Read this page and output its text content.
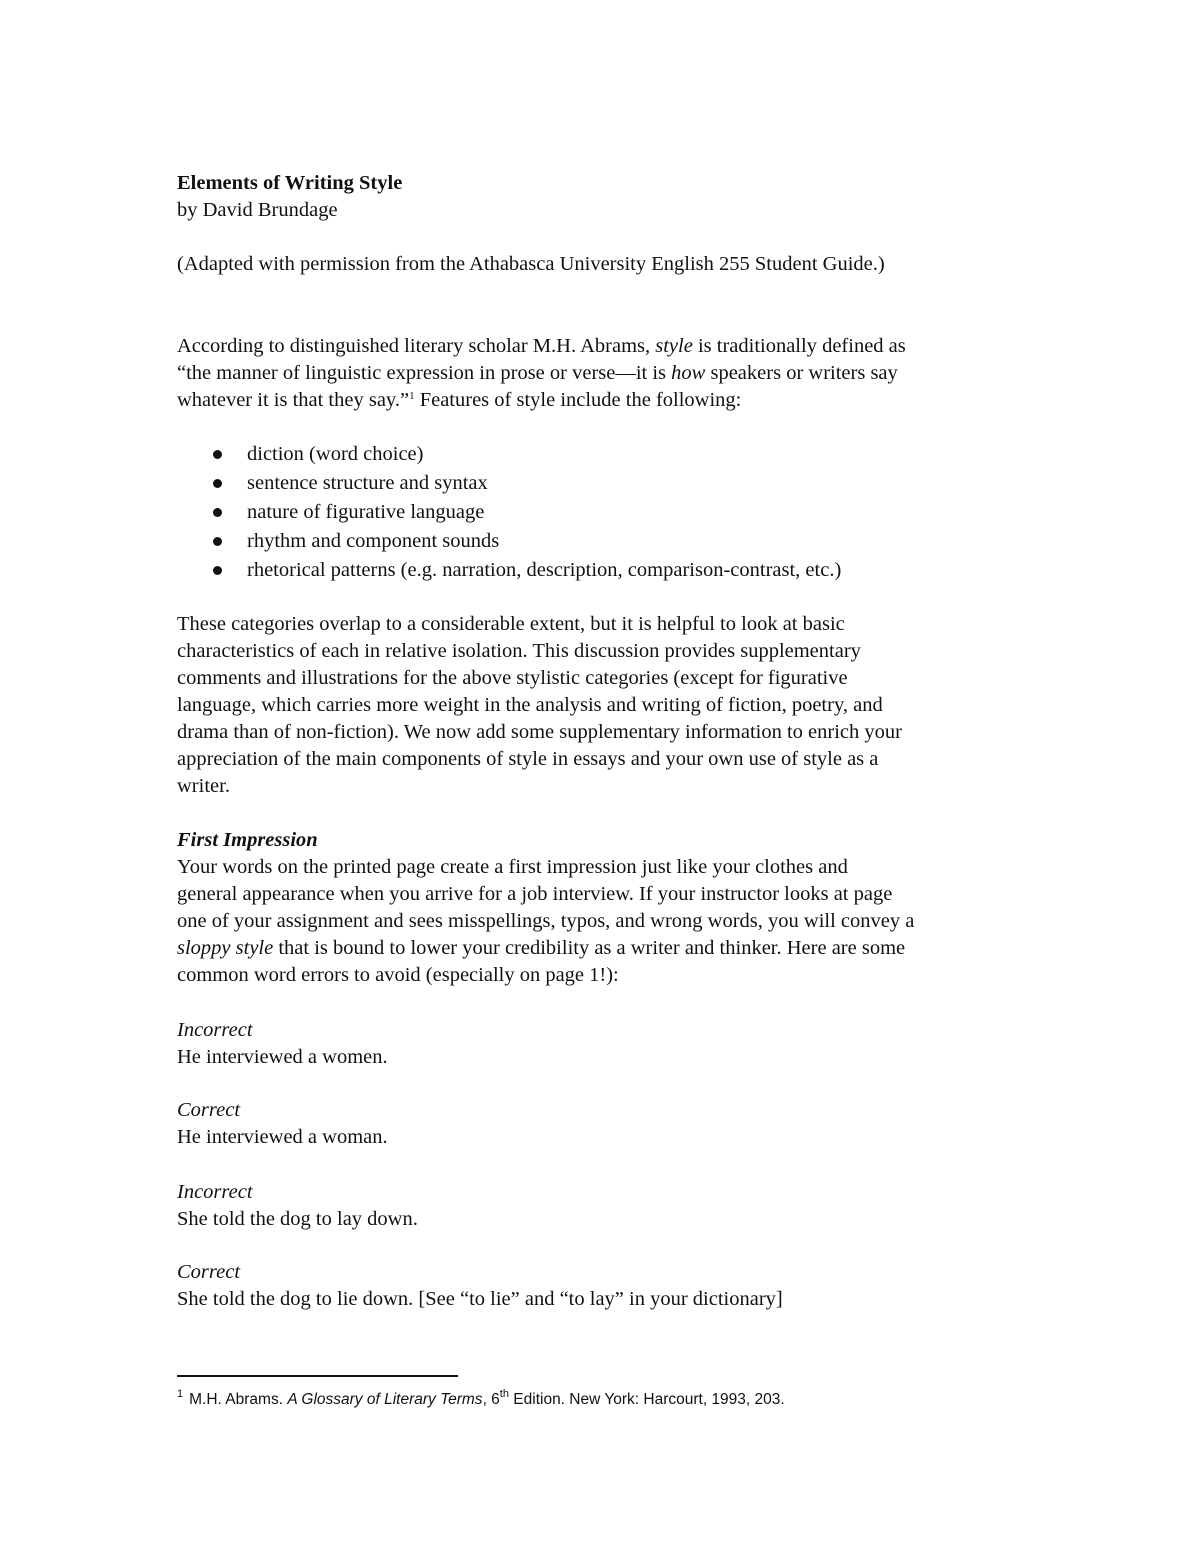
Elements of Writing Style
by David Brundage
(Adapted with permission from the Athabasca University English 255 Student Guide.)
According to distinguished literary scholar M.H. Abrams, style is traditionally defined as
“the manner of linguistic expression in prose or verse—it is how speakers or writers say
whatever it is that they say.”$^1$ Features of style include the following:
diction (word choice)
sentence structure and syntax
nature of figurative language
rhythm and component sounds
rhetorical patterns (e.g. narration, description, comparison-contrast, etc.)
These categories overlap to a considerable extent, but it is helpful to look at basic
characteristics of each in relative isolation. This discussion provides supplementary
comments and illustrations for the above stylistic categories (except for figurative
language, which carries more weight in the analysis and writing of fiction, poetry, and
drama than of non-fiction). We now add some supplementary information to enrich your
appreciation of the main components of style in essays and your own use of style as a
writer.
First Impression
Your words on the printed page create a first impression just like your clothes and
general appearance when you arrive for a job interview. If your instructor looks at page
one of your assignment and sees misspellings, typos, and wrong words, you will convey a
sloppy style that is bound to lower your credibility as a writer and thinker. Here are some
common word errors to avoid (especially on page 1!):
Incorrect
He interviewed a women.
Correct
He interviewed a woman.
Incorrect
She told the dog to lay down.
Correct
She told the dog to lie down. [See “to lie” and “to lay” in your dictionary]
$^1$ M.H. Abrams. A Glossary of Literary Terms, 6th Edition. New York: Harcourt, 1993, 203.
